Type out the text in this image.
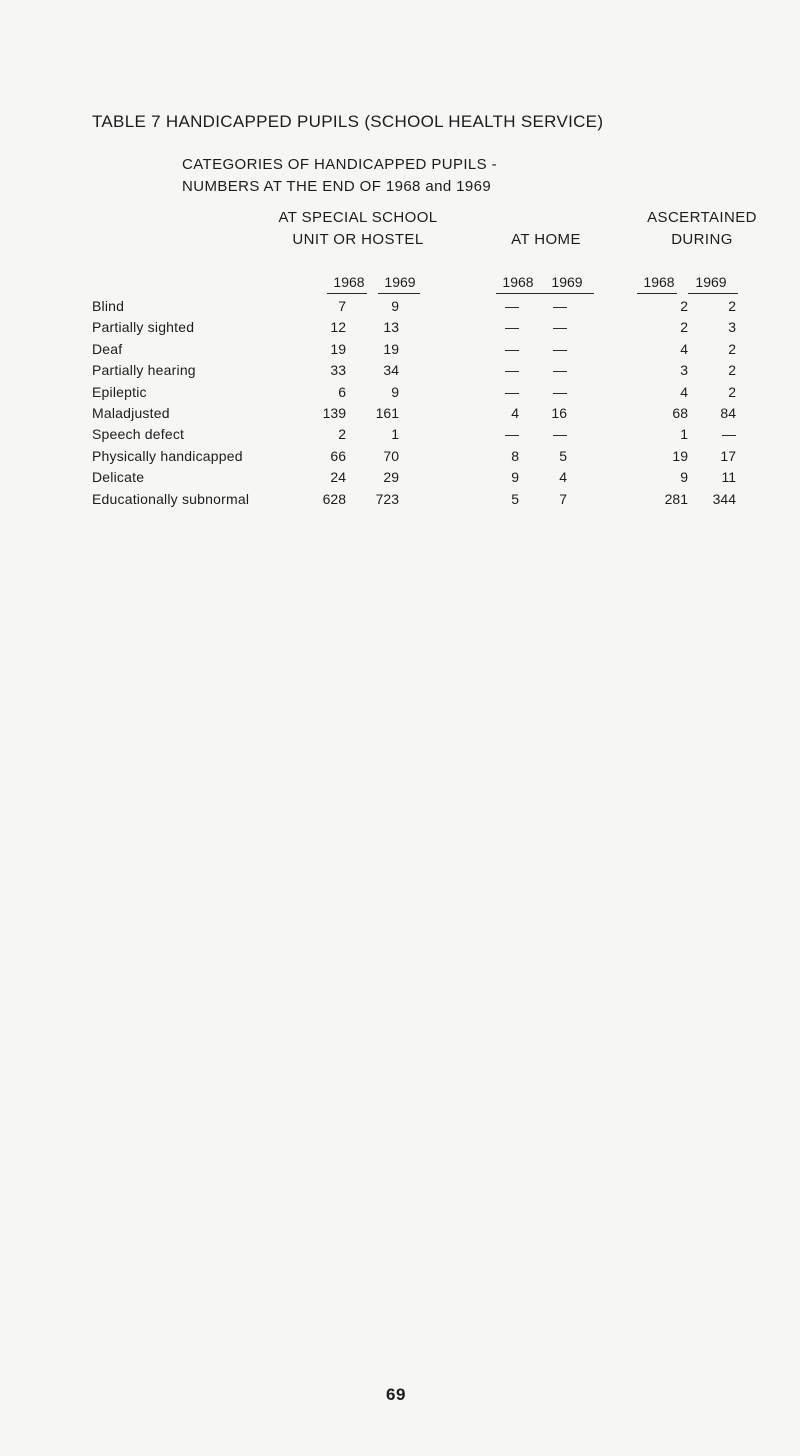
TABLE 7 HANDICAPPED PUPILS (SCHOOL HEALTH SERVICE)
CATEGORIES OF HANDICAPPED PUPILS -
NUMBERS AT THE END OF 1968 and 1969
AT SPECIAL SCHOOL
UNIT OR HOSTEL	AT HOME
ASCERTAINED
DURING
1968	1969	1968	1969	1968	1969
Blind	7	9	—	—	2	2
Partially sighted	12	13	—	—	2	3
Deaf	19	19	—	—	4	2
Partially hearing	33	34	—	—	3	2
Epileptic	6	9	—	—	4	2
Maladjusted	139	161	4	16	68	84
Speech defect	2	1	—	—	1	—
Physically handicapped	66	70	8	5	19	17
Delicate	24	29	9	4	9	11
Educationally subnormal	628	723	5	7	281	344
69
